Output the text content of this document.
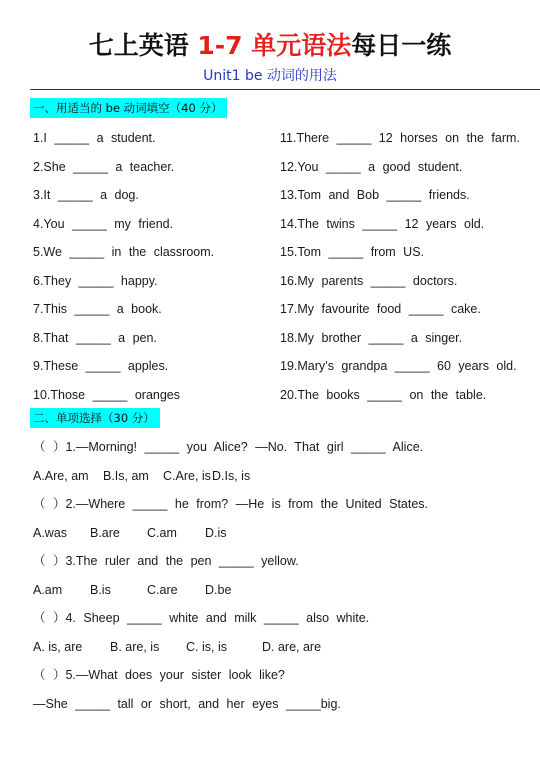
七上英语 1-7 单元语法每日一练
Unit1 be 动词的用法
一、用适当的 be 动词填空（40 分）
1.I _____ a student.
2.She _____ a teacher.
3.It _____ a dog.
4.You _____ my friend.
5.We _____ in the classroom.
6.They _____ happy.
7.This _____ a book.
8.That _____ a pen.
9.These _____ apples.
10.Those _____ oranges
11.There _____ 12 horses on the farm.
12.You _____ a good student.
13.Tom and Bob _____ friends.
14.The twins _____ 12 years old.
15.Tom _____ from US.
16.My parents _____ doctors.
17.My favourite food _____ cake.
18.My brother _____ a singer.
19.Mary’s grandpa _____ 60 years old.
20.The books _____ on the table.
二、单项选择（30 分）
（ ）1.—Morning! _____ you Alice? —No. That girl _____ Alice.
A.Are, am	B.Is, am	C.Are, is D.Is, is
（ ）2.—Where _____ he from? —He is from the United States.
A.was	B.are	C.am	D.is
（ ）3.The ruler and the pen _____ yellow.
A.am	B.is	C.are	D.be
（ ）4. Sheep _____ white and milk _____ also white.
A. is, are	B. are, is	C. is, is	D. are, are
（ ）5.—What does your sister look like?
—She _____ tall or short, and her eyes _____big.
